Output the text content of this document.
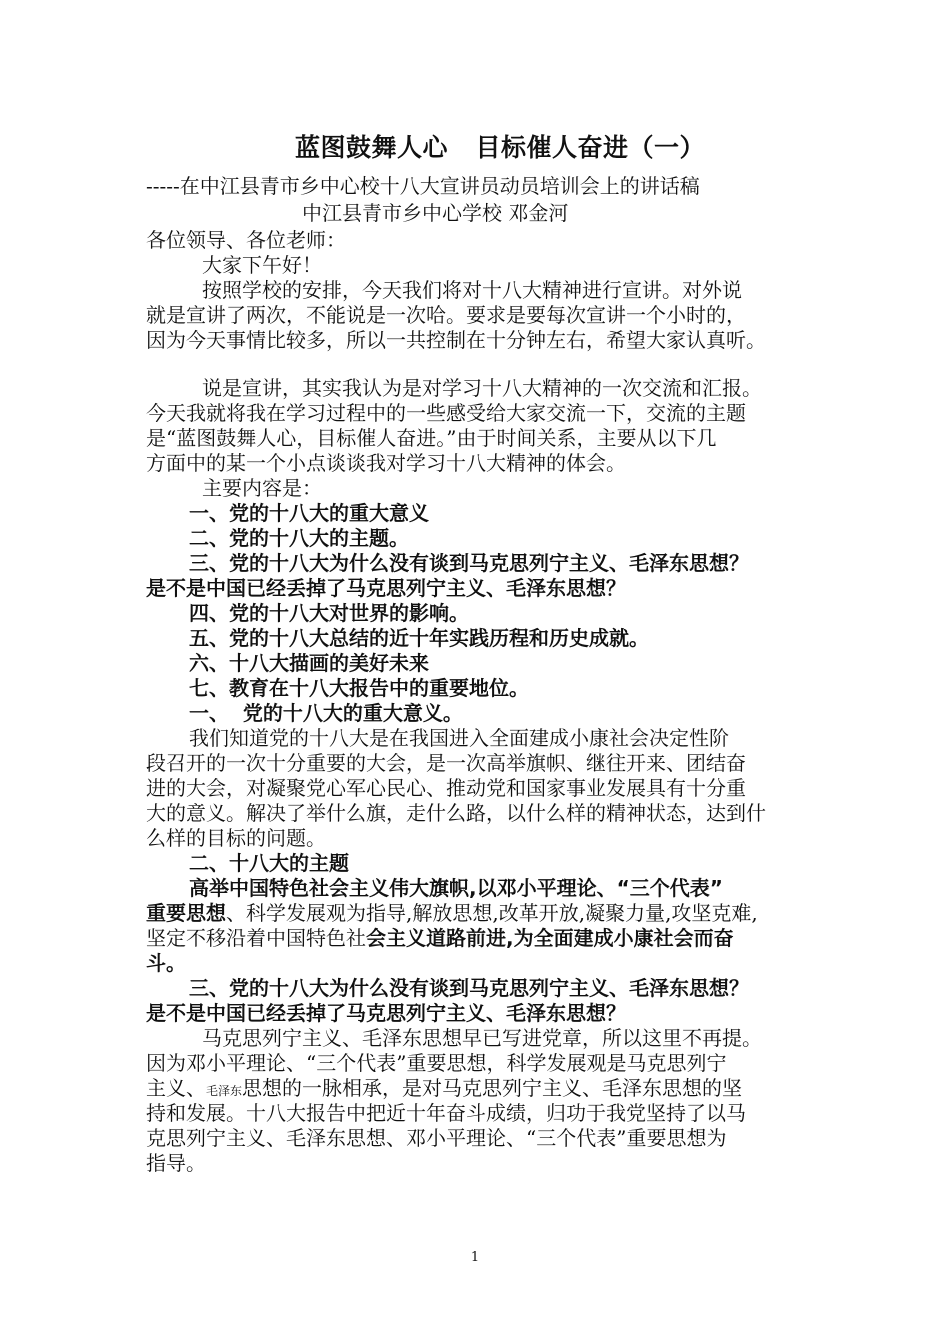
蓝图鼓舞人心   目标催人奋进（一）
-----在中江县青市乡中心校十八大宣讲员动员培训会上的讲话稿
中江县青市乡中心学校 邓金河
各位领导、各位老师：
大家下午好！
按照学校的安排，今天我们将对十八大精神进行宣讲。对外说
就是宣讲了两次，不能说是一次哈。要求是要每次宣讲一个小时的，
因为今天事情比较多，所以一共控制在十分钟左右，希望大家认真听。
说是宣讲，其实我认为是对学习十八大精神的一次交流和汇报。
今天我就将我在学习过程中的一些感受给大家交流一下，交流的主题
是“蓝图鼓舞人心，目标催人奋进。”由于时间关系，主要从以下几
方面中的某一个小点谈谈我对学习十八大精神的体会。
主要内容是：
一、党的十八大的重大意义
二、党的十八大的主题。
三、党的十八大为什么没有谈到马克思列宁主义、毛泽东思想？
是不是中国已经丢掉了马克思列宁主义、毛泽东思想？
四、党的十八大对世界的影响。
五、党的十八大总结的近十年实践历程和历史成就。
六、十八大描画的美好未来
七、教育在十八大报告中的重要地位。
一、  党的十八大的重大意义。
我们知道党的十八大是在我国进入全面建成小康社会决定性阶
段召开的一次十分重要的大会，是一次高举旗帜、继往开来、团结奋
进的大会，对凝聚党心军心民心、推动党和国家事业发展具有十分重
大的意义。解决了举什么旗，走什么路，以什么样的精神状态，达到什
么样的目标的问题。
二、十八大的主题
高举中国特色社会主义伟大旗帜,以邓小平理论、“三个代表”
重要思想、科学发展观为指导,解放思想,改革开放,凝聚力量,攻坚克难,
坚定不移沿着中国特色社会主义道路前进,为全面建成小康社会而奋
斗。
三、党的十八大为什么没有谈到马克思列宁主义、毛泽东思想？
是不是中国已经丢掉了马克思列宁主义、毛泽东思想？
马克思列宁主义、毛泽东思想早已写进党章，所以这里不再提。
因为邓小平理论、“三个代表”重要思想，科学发展观是马克思列宁
主义、毛泽东思想的一脉相承，是对马克思列宁主义、毛泽东思想的坚
持和发展。十八大报告中把近十年奋斗成绩，归功于我党坚持了以马
克思列宁主义、毛泽东思想、邓小平理论、“三个代表”重要思想为
指导。
1
